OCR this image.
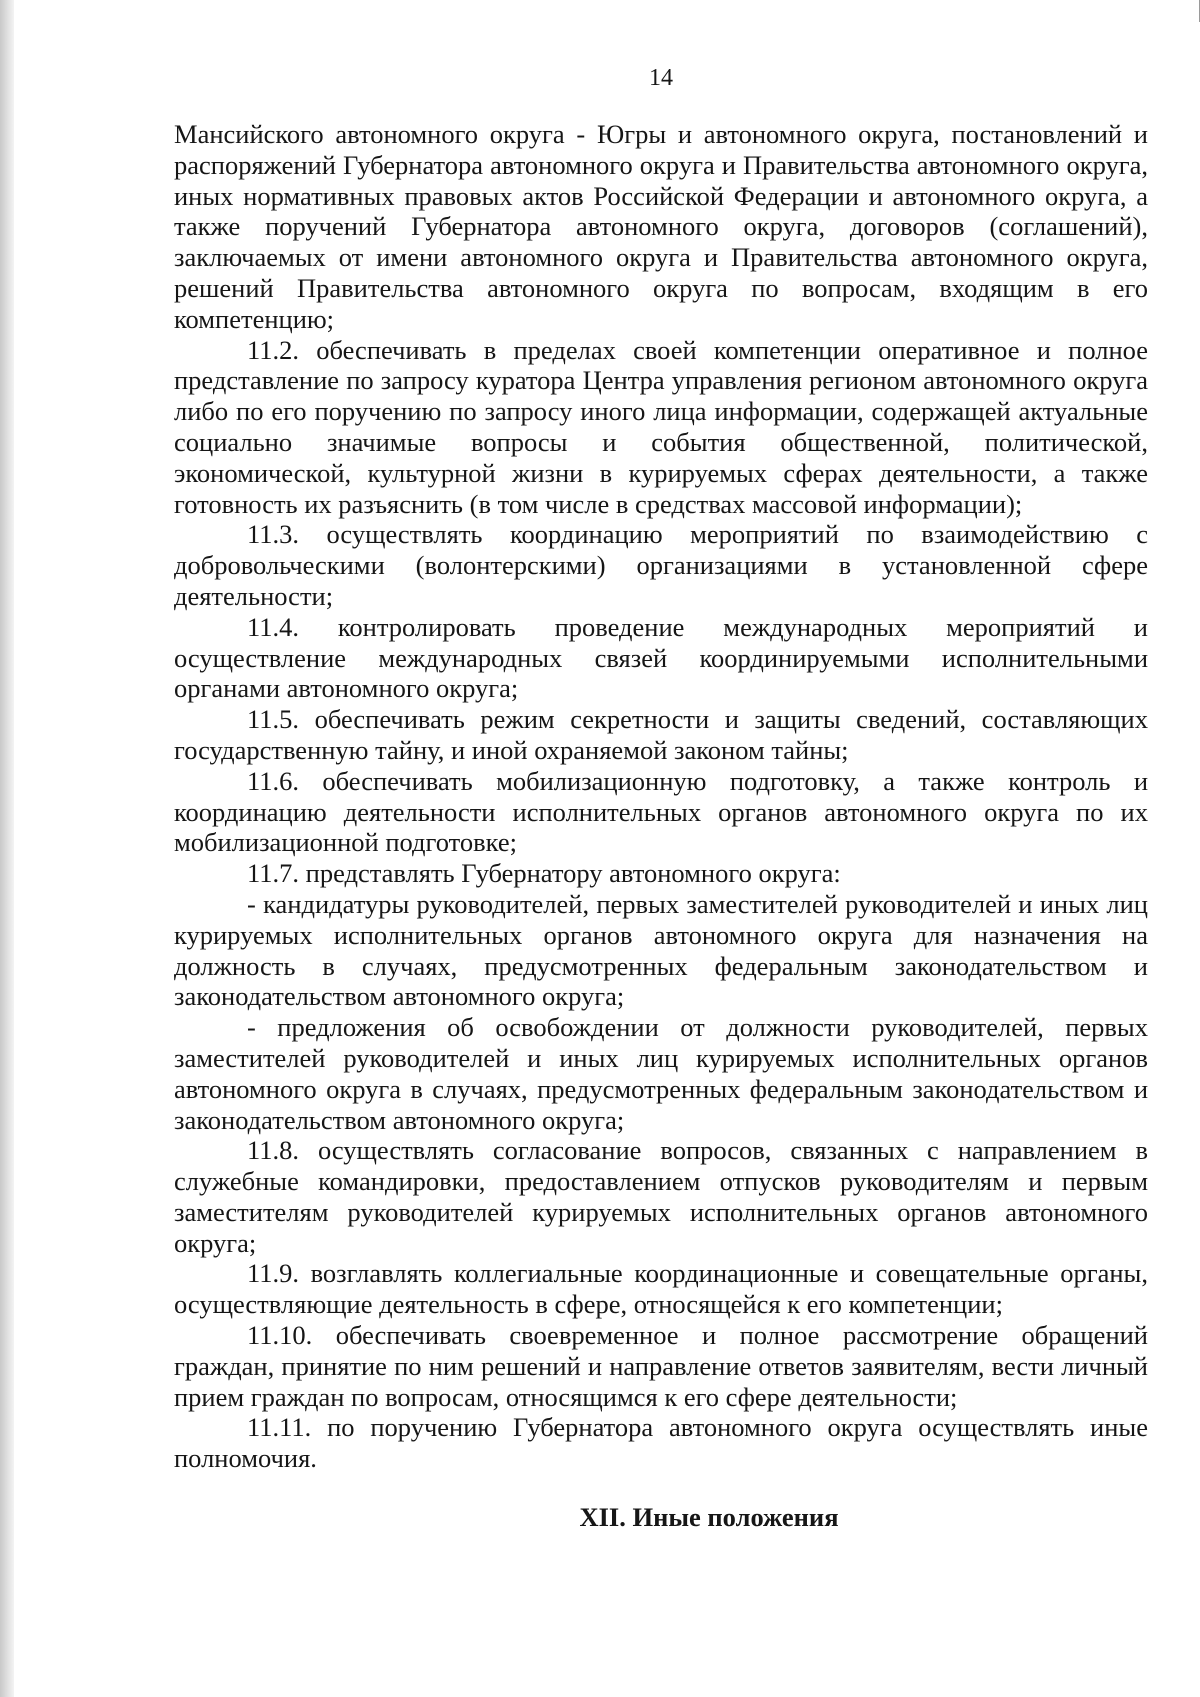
14

Мансийского автономного округа - Югры и автономного округа, постановлений и распоряжений Губернатора автономного округа и Правительства автономного округа, иных нормативных правовых актов Российской Федерации и автономного округа, а также поручений Губернатора автономного округа, договоров (соглашений), заключаемых от имени автономного округа и Правительства автономного округа, решений Правительства автономного округа по вопросам, входящим в его компетенцию;

11.2. обеспечивать в пределах своей компетенции оперативное и полное представление по запросу куратора Центра управления регионом автономного округа либо по его поручению по запросу иного лица информации, содержащей актуальные социально значимые вопросы и события общественной, политической, экономической, культурной жизни в курируемых сферах деятельности, а также готовность их разъяснить (в том числе в средствах массовой информации);

11.3. осуществлять координацию мероприятий по взаимодействию с добровольческими (волонтерскими) организациями в установленной сфере деятельности;

11.4. контролировать проведение международных мероприятий и осуществление международных связей координируемыми исполнительными органами автономного округа;

11.5. обеспечивать режим секретности и защиты сведений, составляющих государственную тайну, и иной охраняемой законом тайны;

11.6. обеспечивать мобилизационную подготовку, а также контроль и координацию деятельности исполнительных органов автономного округа по их мобилизационной подготовке;

11.7. представлять Губернатору автономного округа:

- кандидатуры руководителей, первых заместителей руководителей и иных лиц курируемых исполнительных органов автономного округа для назначения на должность в случаях, предусмотренных федеральным законодательством и законодательством автономного округа;

- предложения об освобождении от должности руководителей, первых заместителей руководителей и иных лиц курируемых исполнительных органов автономного округа в случаях, предусмотренных федеральным законодательством и законодательством автономного округа;

11.8. осуществлять согласование вопросов, связанных с направлением в служебные командировки, предоставлением отпусков руководителям и первым заместителям руководителей курируемых исполнительных органов автономного округа;

11.9. возглавлять коллегиальные координационные и совещательные органы, осуществляющие деятельность в сфере, относящейся к его компетенции;

11.10. обеспечивать своевременное и полное рассмотрение обращений граждан, принятие по ним решений и направление ответов заявителям, вести личный прием граждан по вопросам, относящимся к его сфере деятельности;

11.11. по поручению Губернатора автономного округа осуществлять иные полномочия.

XII. Иные положения
